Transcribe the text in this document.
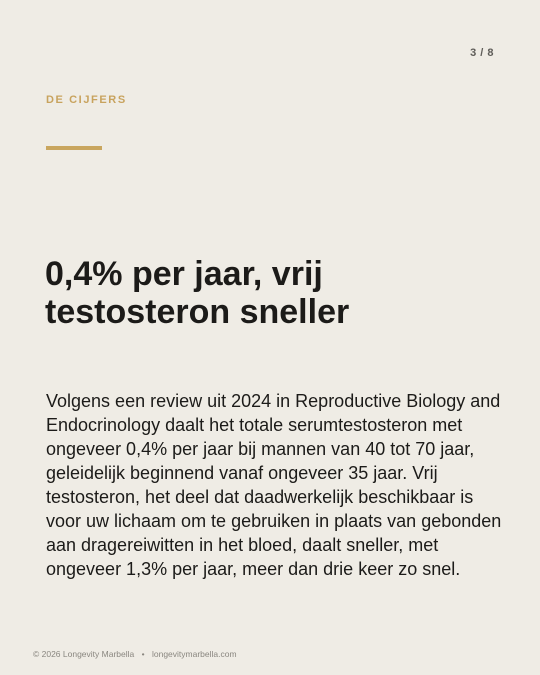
3 / 8
DE CIJFERS
0,4% per jaar, vrij testosteron sneller

Volgens een review uit 2024 in Reproductive Biology and Endocrinology daalt het totale serumtestosteron met ongeveer 0,4% per jaar bij mannen van 40 tot 70 jaar, geleidelijk beginnend vanaf ongeveer 35 jaar. Vrij testosteron, het deel dat daadwerkelijk beschikbaar is voor uw lichaam om te gebruiken in plaats van gebonden aan dragereiwitten in het bloed, daalt sneller, met ongeveer 1,3% per jaar, meer dan drie keer zo snel.

© 2026 Longevity Marbella • longevitymarbella.com
